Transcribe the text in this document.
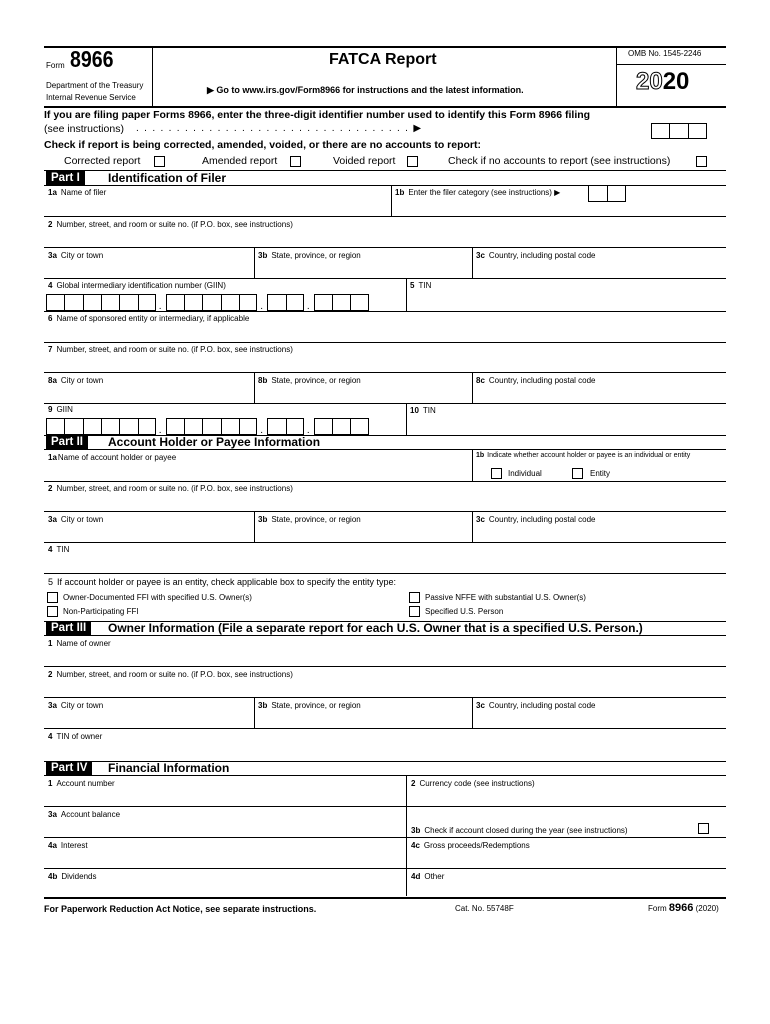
Form 8966
Department of the Treasury
Internal Revenue Service
FATCA Report
▶ Go to www.irs.gov/Form8966 for instructions and the latest information.
OMB No. 1545-2246
2020
If you are filing paper Forms 8966, enter the three-digit identifier number used to identify this Form 8966 filing
(see instructions) . . . . . . . . . . . . . . . . . . . . . . . . . . . . . . . . . . ▶
Check if report is being corrected, amended, voided, or there are no accounts to report:
Corrected report	Amended report	Voided report	Check if no accounts to report (see instructions)
Part I	Identification of Filer
1a Name of filer	1b Enter the filer category (see instructions) ▶
2 Number, street, and room or suite no. (if P.O. box, see instructions)
3a City or town	3b State, province, or region	3c Country, including postal code
4 Global intermediary identification number (GIIN)
.	.	.
5 TIN
6 Name of sponsored entity or intermediary, if applicable
7 Number, street, and room or suite no. (if P.O. box, see instructions)
8a City or town	8b State, province, or region	8c Country, including postal code
9 GIIN
.	.	.
10 TIN
Part II	Account Holder or Payee Information
1aName of account holder or payee	1b Indicate whether account holder or payee is an individual or entity
Individual	Entity
2 Number, street, and room or suite no. (if P.O. box, see instructions)
3a City or town	3b State, province, or region	3c Country, including postal code
4 TIN
5 If account holder or payee is an entity, check applicable box to specify the entity type:
Owner-Documented FFI with specified U.S. Owner(s)	Passive NFFE with substantial U.S. Owner(s)
Non-Participating FFI	Specified U.S. Person
Part III	Owner Information (File a separate report for each U.S. Owner that is a specified U.S. Person.)
1 Name of owner
2 Number, street, and room or suite no. (if P.O. box, see instructions)
3a City or town	3b State, province, or region	3c Country, including postal code
4 TIN of owner
Part IV	Financial Information
1 Account number	2 Currency code (see instructions)
3a Account balance
3b Check if account closed during the year (see instructions)
4a Interest	4c Gross proceeds/Redemptions
4b Dividends	4d Other
For Paperwork Reduction Act Notice, see separate instructions.	Cat. No. 55748F	Form 8966 (2020)
